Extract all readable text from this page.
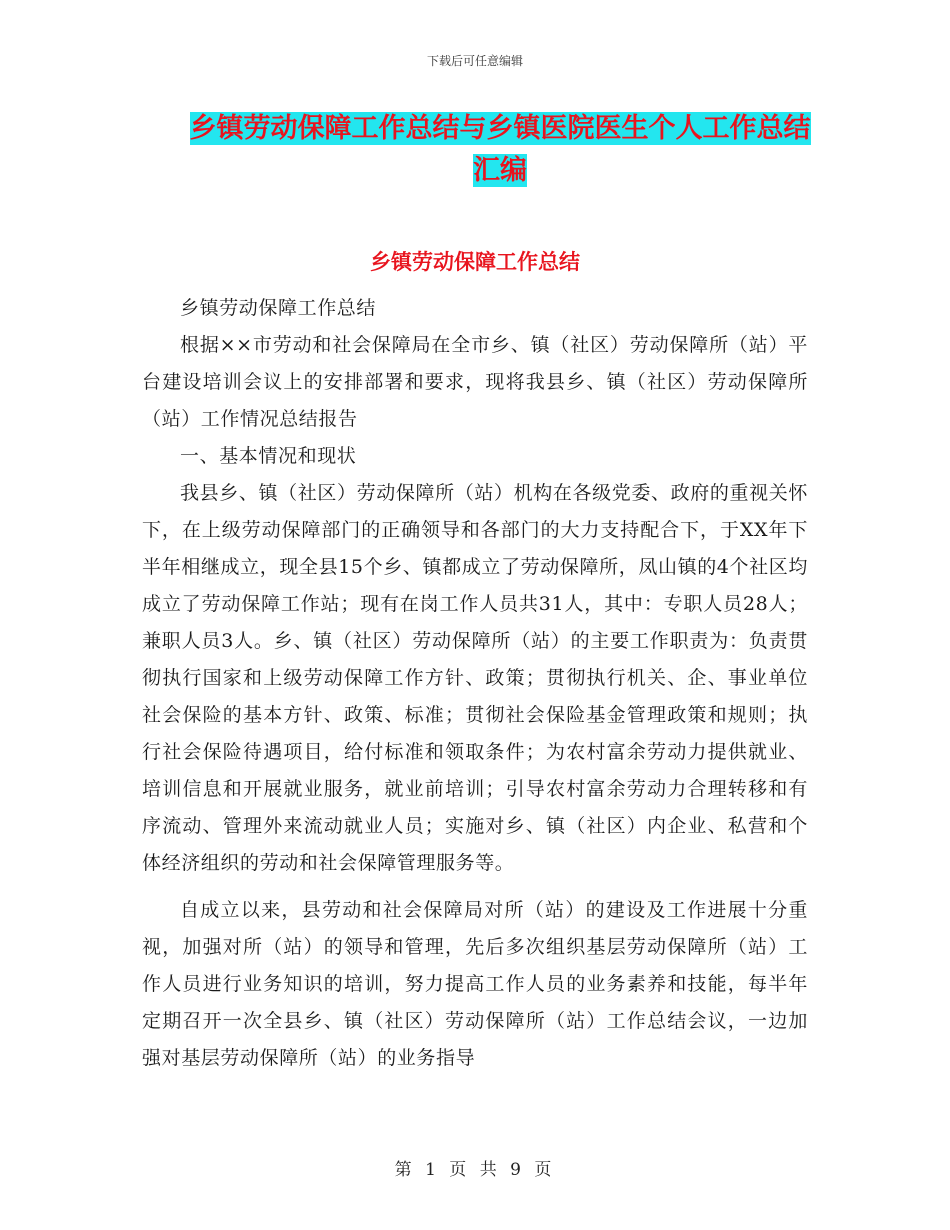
下载后可任意编辑
乡镇劳动保障工作总结与乡镇医院医生个人工作总结
汇编
乡镇劳动保障工作总结

乡镇劳动保障工作总结

根据××市劳动和社会保障局在全市乡、镇（社区）劳动保障所（站）平台建设培训会议上的安排部署和要求，现将我县乡、镇（社区）劳动保障所（站）工作情况总结报告

一、基本情况和现状

我县乡、镇（社区）劳动保障所（站）机构在各级党委、政府的重视关怀下，在上级劳动保障部门的正确领导和各部门的大力支持配合下，于XX年下半年相继成立，现全县15个乡、镇都成立了劳动保障所，凤山镇的4个社区均成立了劳动保障工作站；现有在岗工作人员共31人，其中：专职人员28人；兼职人员3人。乡、镇（社区）劳动保障所（站）的主要工作职责为：负责贯彻执行国家和上级劳动保障工作方针、政策；贯彻执行机关、企、事业单位社会保险的基本方针、政策、标准；贯彻社会保险基金管理政策和规则；执行社会保险待遇项目，给付标准和领取条件；为农村富余劳动力提供就业、培训信息和开展就业服务，就业前培训；引导农村富余劳动力合理转移和有序流动、管理外来流动就业人员；实施对乡、镇（社区）内企业、私营和个体经济组织的劳动和社会保障管理服务等。

自成立以来，县劳动和社会保障局对所（站）的建设及工作进展十分重视，加强对所（站）的领导和管理，先后多次组织基层劳动保障所（站）工作人员进行业务知识的培训，努力提高工作人员的业务素养和技能，每半年定期召开一次全县乡、镇（社区）劳动保障所（站）工作总结会议，一边加强对基层劳动保障所（站）的业务指导

第 1 页 共 9 页
